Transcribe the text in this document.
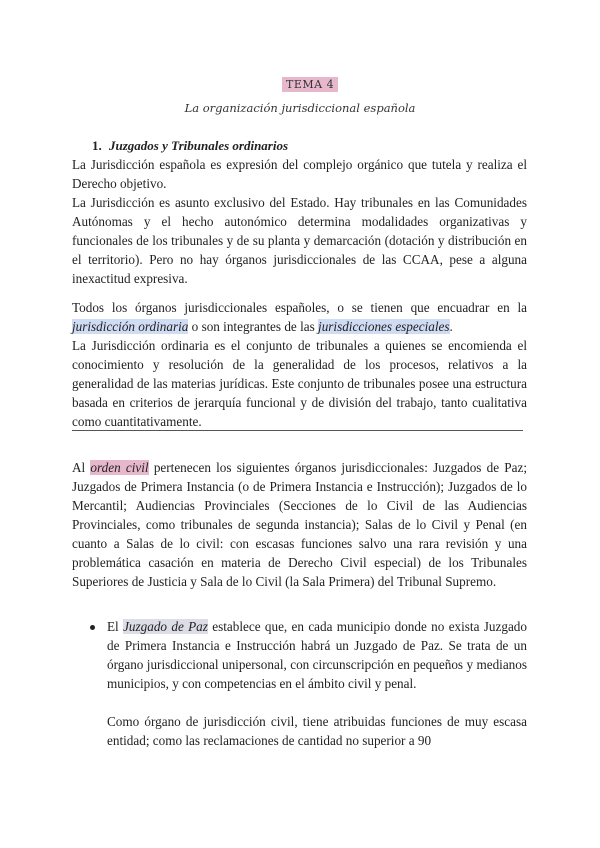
TEMA 4
La organización jurisdiccional española
1. Juzgados y Tribunales ordinarios
La Jurisdicción española es expresión del complejo orgánico que tutela y realiza el Derecho objetivo.
La Jurisdicción es asunto exclusivo del Estado. Hay tribunales en las Comunidades Autónomas y el hecho autonómico determina modalidades organizativas y funcionales de los tribunales y de su planta y demarcación (dotación y distribución en el territorio). Pero no hay órganos jurisdiccionales de las CCAA, pese a alguna inexactitud expresiva.
Todos los órganos jurisdiccionales españoles, o se tienen que encuadrar en la jurisdicción ordinaria o son integrantes de las jurisdicciones especiales.
La Jurisdicción ordinaria es el conjunto de tribunales a quienes se encomienda el conocimiento y resolución de la generalidad de los procesos, relativos a la generalidad de las materias jurídicas. Este conjunto de tribunales posee una estructura basada en criterios de jerarquía funcional y de división del trabajo, tanto cualitativa como cuantitativamente.
Al orden civil pertenecen los siguientes órganos jurisdiccionales: Juzgados de Paz; Juzgados de Primera Instancia (o de Primera Instancia e Instrucción); Juzgados de lo Mercantil; Audiencias Provinciales (Secciones de lo Civil de las Audiencias Provinciales, como tribunales de segunda instancia); Salas de lo Civil y Penal (en cuanto a Salas de lo civil: con escasas funciones salvo una rara revisión y una problemática casación en materia de Derecho Civil especial) de los Tribunales Superiores de Justicia y Sala de lo Civil (la Sala Primera) del Tribunal Supremo.
El Juzgado de Paz establece que, en cada municipio donde no exista Juzgado de Primera Instancia e Instrucción habrá un Juzgado de Paz. Se trata de un órgano jurisdiccional unipersonal, con circunscripción en pequeños y medianos municipios, y con competencias en el ámbito civil y penal.
Como órgano de jurisdicción civil, tiene atribuidas funciones de muy escasa entidad; como las reclamaciones de cantidad no superior a 90
